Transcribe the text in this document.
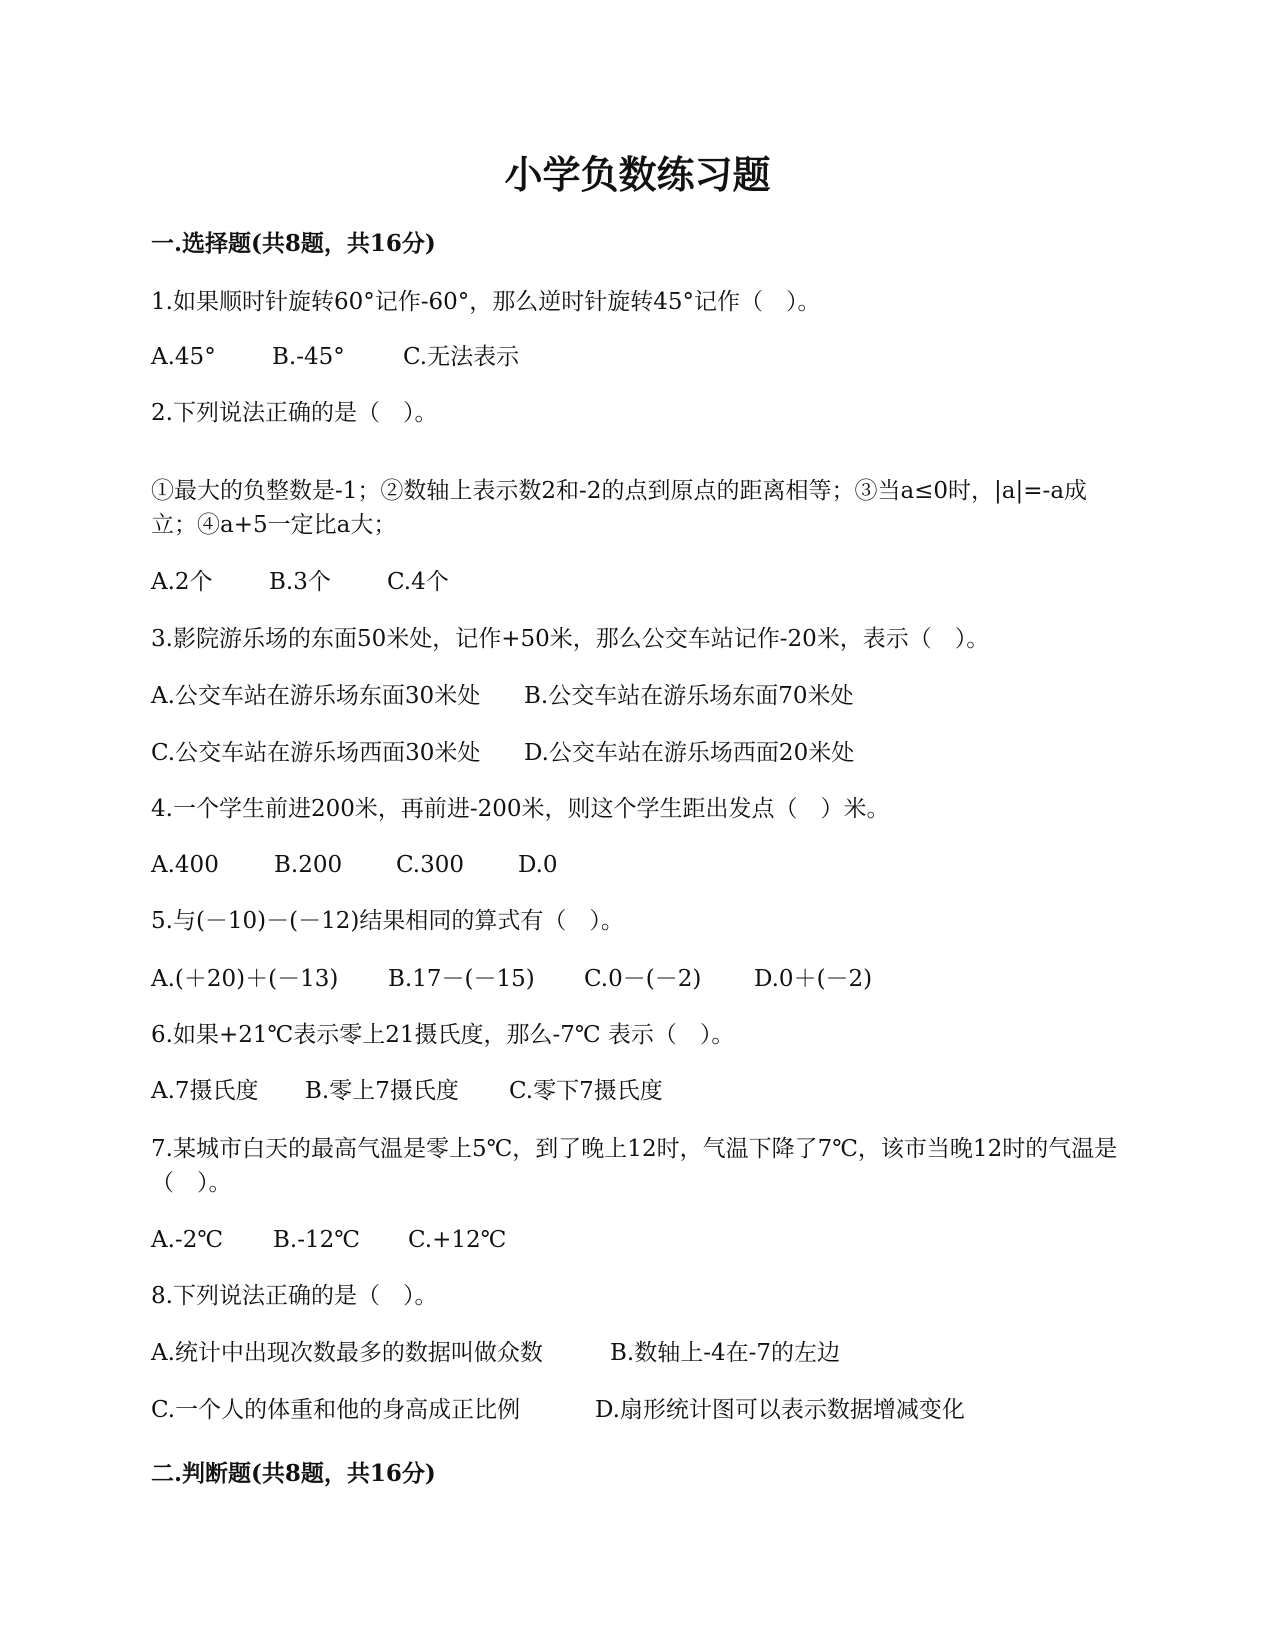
小学负数练习题
一.选择题(共8题，共16分)
1.如果顺时针旋转60°记作-60°，那么逆时针旋转45°记作（　）。
A.45° B.-45°	C.无法表示
2.下列说法正确的是（　）。
①最大的负整数是-1；②数轴上表示数2和-2的点到原点的距离相等；③当a≤0时，|a|=-a成立；④a+5一定比a大；
A.2个 B.3个 C.4个
3.影院游乐场的东面50米处，记作+50米，那么公交车站记作-20米，表示（　）。
A.公交车站在游乐场东面30米处 B.公交车站在游乐场东面70米处
C.公交车站在游乐场西面30米处 D.公交车站在游乐场西面20米处
4.一个学生前进200米，再前进-200米，则这个学生距出发点（　）米。
A.400 B.200 C.300 D.0
5.与(－10)－(－12)结果相同的算式有（　）。
A.(＋20)＋(－13) B.17－(－15) C.0－(－2) D.0＋(－2)
6.如果+21℃表示零上21摄氏度，那么-7℃ 表示（　）。
A.7摄氏度 B.零上7摄氏度 C.零下7摄氏度
7.某城市白天的最高气温是零上5℃，到了晚上12时，气温下降了7℃，该市当晚12时的气温是（　）。
A.-2℃ B.-12℃ C.+12℃
8.下列说法正确的是（　）。
A.统计中出现次数最多的数据叫做众数	B.数轴上-4在-7的左边
C.一个人的体重和他的身高成正比例	D.扇形统计图可以表示数据增减变化
二.判断题(共8题，共16分)
